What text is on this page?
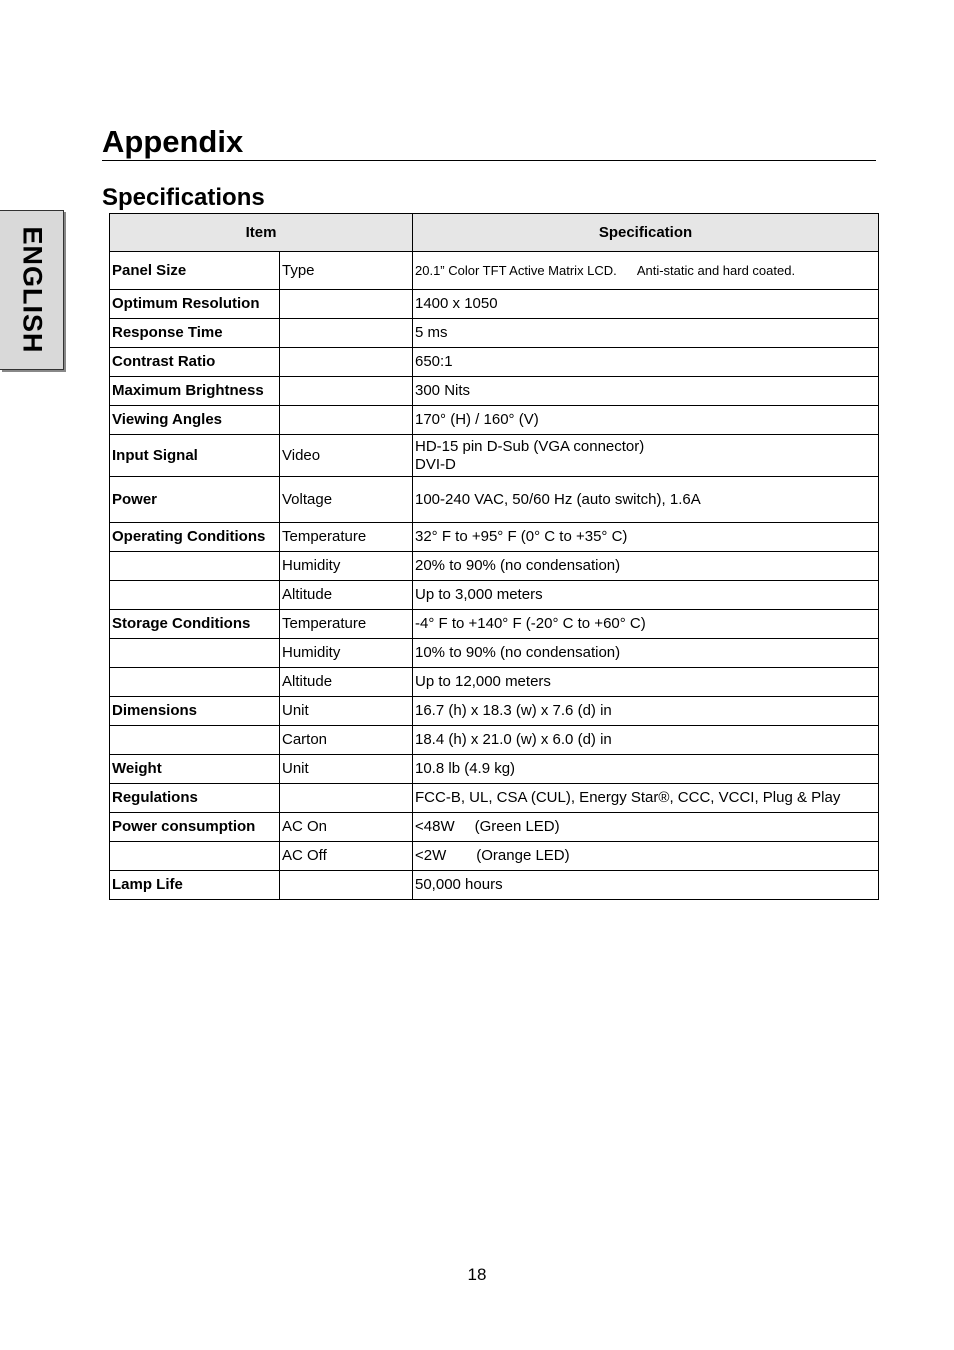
ENGLISH
Appendix
Specifications
Item		Specification
Panel Size	Type	20.1” Color TFT Active Matrix LCD. Anti-static and hard coated.
Optimum Resolution		1400 x 1050
Response Time		5 ms
Contrast Ratio		650:1
Maximum Brightness		300 Nits
Viewing Angles		170° (H) / 160° (V)
Input Signal	Video	HD-15 pin D-Sub (VGA connector)
DVI-D

Power	Voltage	100-240 VAC, 50/60 Hz (auto switch), 1.6A
Operating Conditions	Temperature	32° F to +95° F (0° C to +35° C)
	Humidity	20% to 90% (no condensation)
	Altitude	Up to 3,000 meters
Storage Conditions	Temperature	-4° F to +140° F (-20° C to +60° C)
	Humidity	10% to 90% (no condensation)
	Altitude	Up to 12,000 meters
Dimensions	Unit	16.7 (h) x 18.3 (w) x 7.6 (d) in
	Carton	18.4 (h) x 21.0 (w) x 6.0 (d) in
Weight	Unit	10.8 lb (4.9 kg)
Regulations		FCC-B, UL, CSA (CUL), Energy Star®, CCC, VCCI, Plug & Play
Power consumption	AC On	<48W (Green LED)
	AC Off	<2W (Orange LED)
Lamp Life		50,000 hours
18
